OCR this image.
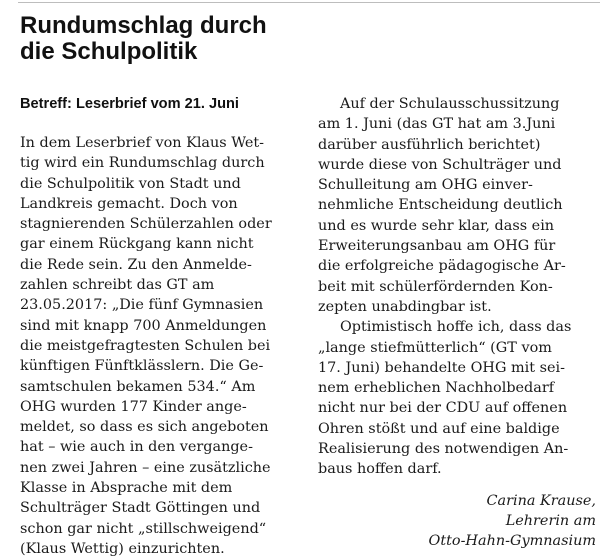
Rundumschlag durch
die Schulpolitik
Betreff: Leserbrief vom 21. Juni
In dem Leserbrief von Klaus Wet-
tig wird ein Rundumschlag durch
die Schulpolitik von Stadt und
Landkreis gemacht. Doch von
stagnierenden Schülerzahlen oder
gar einem Rückgang kann nicht
die Rede sein. Zu den Anmelde-
zahlen schreibt das GT am
23.05.2017: „Die fünf Gymnasien
sind mit knapp 700 Anmeldungen
die meistgefragtesten Schulen bei
künftigen Fünftklässlern. Die Ge-
samtschulen bekamen 534.“ Am
OHG wurden 177 Kinder ange-
meldet, so dass es sich angeboten
hat – wie auch in den vergange-
nen zwei Jahren – eine zusätzliche
Klasse in Absprache mit dem
Schulträger Stadt Göttingen und
schon gar nicht „stillschweigend“
(Klaus Wettig) einzurichten.
Auf der Schulausschussitzung
am 1. Juni (das GT hat am 3.Juni
darüber ausführlich berichtet)
wurde diese von Schulträger und
Schulleitung am OHG einver-
nehmliche Entscheidung deutlich
und es wurde sehr klar, dass ein
Erweiterungsanbau am OHG für
die erfolgreiche pädagogische Ar-
beit mit schülerfördernden Kon-
zepten unabdingbar ist.
Optimistisch hoffe ich, dass das
„lange stiefmütterlich“ (GT vom
17. Juni) behandelte OHG mit sei-
nem erheblichen Nachholbedarf
nicht nur bei der CDU auf offenen
Ohren stößt und auf eine baldige
Realisierung des notwendigen An-
baus hoffen darf.
Carina Krause,
Lehrerin am
Otto-Hahn-Gymnasium
